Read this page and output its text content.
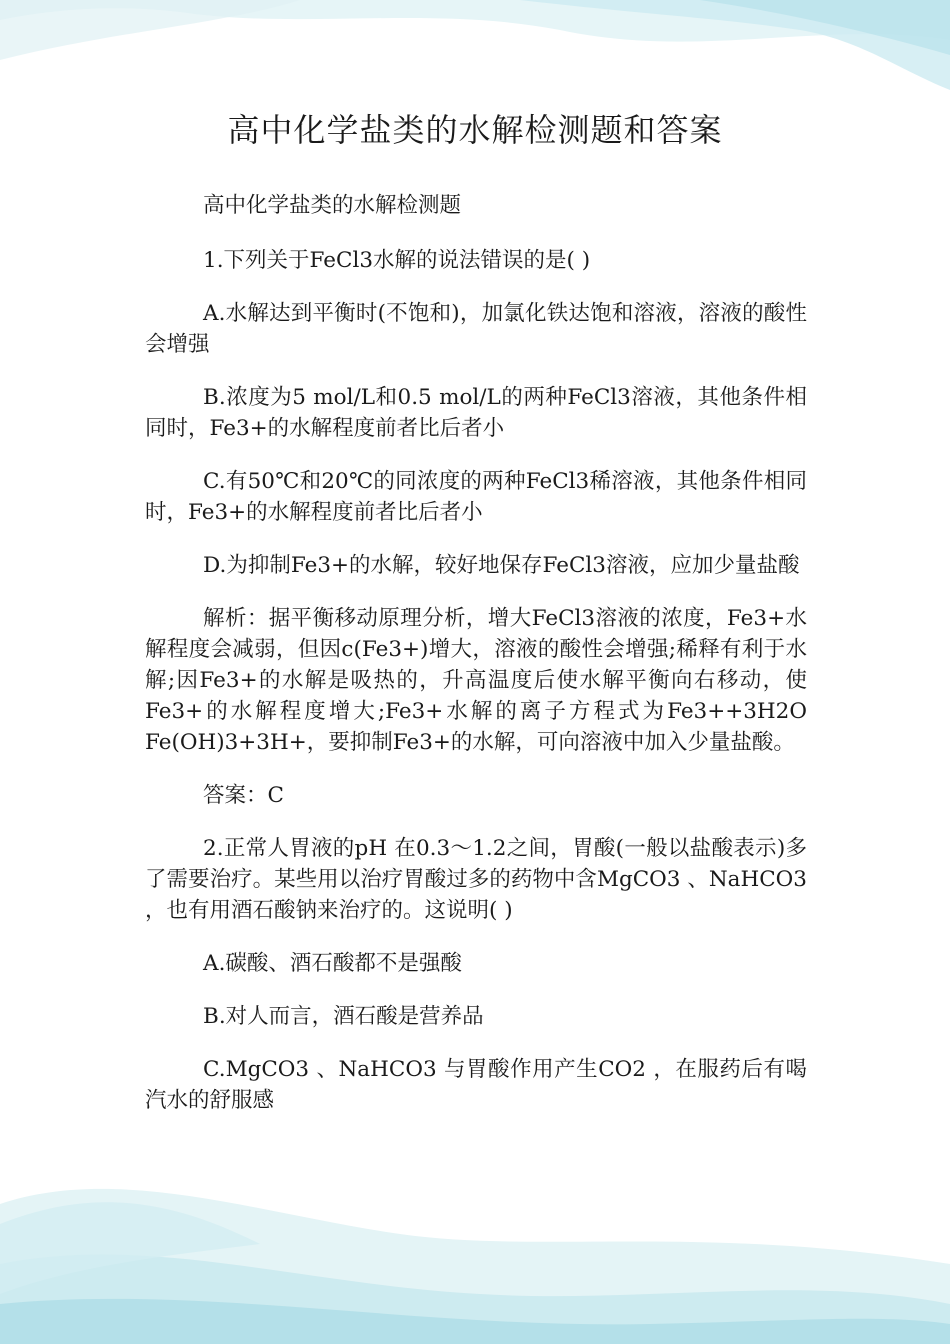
高中化学盐类的水解检测题和答案

高中化学盐类的水解检测题

1.下列关于FeCl3水解的说法错误的是( )

A.水解达到平衡时(不饱和)，加氯化铁达饱和溶液，溶液的酸性会增强

B.浓度为5 mol/L和0.5 mol/L的两种FeCl3溶液，其他条件相同时，Fe3+的水解程度前者比后者小

C.有50℃和20℃的同浓度的两种FeCl3稀溶液，其他条件相同时，Fe3+的水解程度前者比后者小

D.为抑制Fe3+的水解，较好地保存FeCl3溶液，应加少量盐酸

解析：据平衡移动原理分析，增大FeCl3溶液的浓度，Fe3+水解程度会减弱，但因c(Fe3+)增大，溶液的酸性会增强;稀释有利于水解;因Fe3+的水解是吸热的，升高温度后使水解平衡向右移动，使Fe3+的水解程度增大;Fe3+水解的离子方程式为Fe3++3H2O　　Fe(OH)3+3H+，要抑制Fe3+的水解，可向溶液中加入少量盐酸。

答案：C

2.正常人胃液的pH 在0.3～1.2之间，胃酸(一般以盐酸表示)多了需要治疗。某些用以治疗胃酸过多的药物中含MgCO3 、NaHCO3 ，也有用酒石酸钠来治疗的。这说明( )

A.碳酸、酒石酸都不是强酸

B.对人而言，酒石酸是营养品

C.MgCO3 、NaHCO3 与胃酸作用产生CO2 ，在服药后有喝汽水的舒服感
